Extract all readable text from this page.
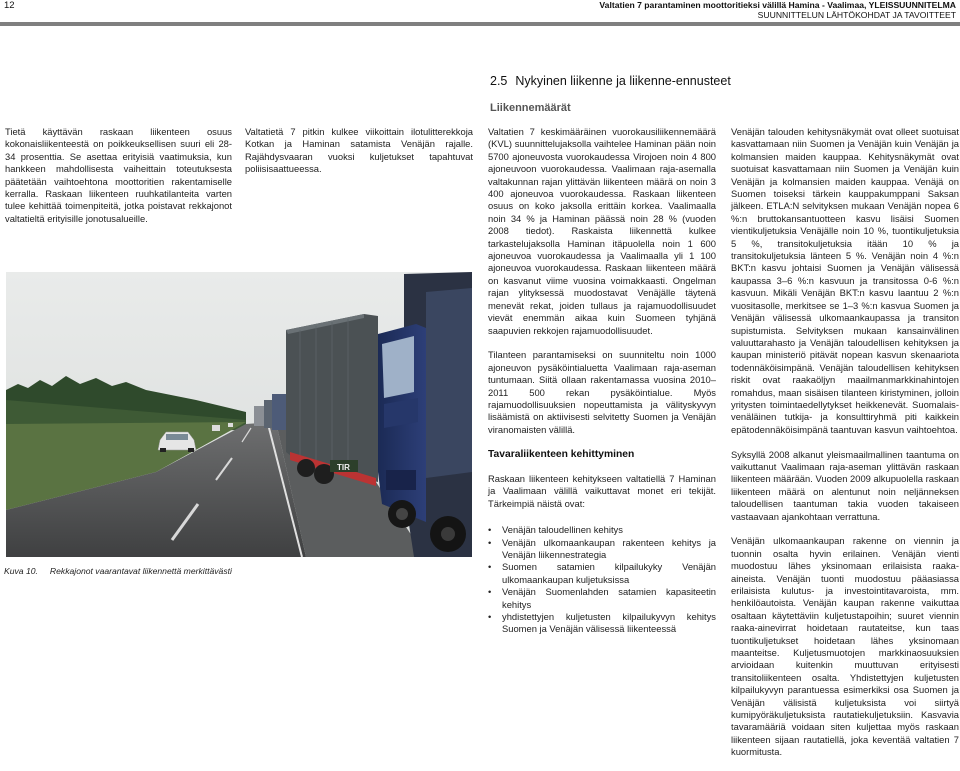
12	Valtatien 7 parantaminen moottoritieksi välillä Hamina - Vaalimaa, YLEISSUUNNITELMA
SUUNNITTELUN LÄHTÖKOHDAT JA TAVOITTEET
2.5 Nykyinen liikenne ja liikenne-ennusteet
Liikennemäärät

Tietä käyttävän raskaan liikenteen osuus kokonaisliikenteestä on poikkeuksellisen suuri eli 28-34 prosenttia. Se asettaa erityisiä vaatimuksia, kun hankkeen mahdollisesta vaiheittain toteutuksesta päätetään vaihtoehtona moottoritien rakentamiselle kerralla. Raskaan liikenteen ruuhkatilanteita varten tulee kehittää toimenpiteitä, jotka poistavat rekkajonot valtatieltä erityisille jonotusalueille.

Valtatietä 7 pitkin kulkee viikoittain ilotulitterekkoja Kotkan ja Haminan satamista Venäjän rajalle. Rajähdysvaaran vuoksi kuljetukset tapahtuvat poliisisaattueessa.

TIR
Kuva 10. Rekkajonot vaarantavat liikennettä merkittävästi

Valtatien 7 keskimääräinen vuorokausiliikennemäärä (KVL) suunnittelujaksolla vaihtelee Haminan pään noin 5700 ajoneuvosta vuorokaudessa Virojoen noin 4 800 ajoneuvoon vuorokaudessa. Vaalimaan raja-asemalla valtakunnan rajan ylittävän liikenteen määrä on noin 3 400 ajoneuvoa vuorokaudessa. Raskaan liikenteen osuus on koko jaksolla erittäin korkea. Vaalimaalla noin 34 % ja Haminan päässä noin 28 % (vuoden 2008 tiedot). Raskaista liikennettä kulkee tarkastelujaksolla Haminan itäpuolella noin 1 600 ajoneuvoa vuorokaudessa ja Vaalimaalla yli 1 100 ajoneuvoa vuorokaudessa. Raskaan liikenteen määrä on kasvanut viime vuosina voimakkaasti. Ongelman rajan ylityksessä muodostavat Venäjälle täytenä menevät rekat, joiden tullaus ja rajamuodollisuudet vievät enemmän aikaa kuin Suomeen tyhjänä saapuvien rekkojen rajamuodollisuudet.

Tilanteen parantamiseksi on suunniteltu noin 1000 ajoneuvon pysäköintialuetta Vaalimaan raja-aseman tuntumaan. Siitä ollaan rakentamassa vuosina 2010–2011 500 rekan pysäköintialue. Myös rajamuodollisuuksien nopeuttamista ja välityskyvyn lisäämistä on aktiivisesti selvitetty Suomen ja Venäjän viranomaisten välillä.

Tavaraliikenteen kehittyminen

Raskaan liikenteen kehitykseen valtatiellä 7 Haminan ja Vaalimaan välillä vaikuttavat monet eri tekijät. Tärkeimpiä näistä ovat:

• Venäjän taloudellinen kehitys
• Venäjän ulkomaankaupan rakenteen kehitys ja Venäjän liikennestrategia
• Suomen satamien kilpailukyky Venäjän ulkomaankaupan kuljetuksissa
• Venäjän Suomenlahden satamien kapasiteetin kehitys
• yhdistettyjen kuljetusten kilpailukyvyn kehitys Suomen ja Venäjän välisessä liikenteessä

Venäjän talouden kehitysnäkymät ovat olleet suotuisat kasvattamaan niin Suomen ja Venäjän kuin Venäjän ja kolmansien maiden kauppaa. Kehitysnäkymät ovat suotuisat kasvattamaan niin Suomen ja Venäjän kuin Venäjän ja kolmansien maiden kauppaa. Venäjä on Suomen toiseksi tärkein kauppakumppani Saksan jälkeen. ETLA:N selvityksen mukaan Venäjän nopea 6 %:n bruttokansantuotteen kasvu lisäisi Suomen vientikuljetuksia Venäjälle noin 10 %, tuontikuljetuksia 5 %, transitokuljetuksia itään 10 % ja transitokuljetuksia länteen 5 %. Venäjän noin 4 %:n BKT:n kasvu johtaisi Suomen ja Venäjän välisessä kaupassa 3–6 %:n kasvuun ja transitossa 0-6 %:n kasvuun. Mikäli Venäjän BKT:n kasvu laantuu 2 %:n vuositasolle, merkitsee se 1–3 %:n kasvua Suomen ja Venäjän välisessä ulkomaankaupassa ja transiton supistumista. Selvityksen mukaan kansainvälinen valuuttarahasto ja Venäjän taloudellisen kehityksen ja kaupan ministeriö pitävät nopean kasvun skenaariota todennäköisimpänä. Venäjän taloudellisen kehityksen riskit ovat raakaöljyn maailmanmarkkinahintojen romahdus, maan sisäisen tilanteen kiristyminen, jolloin yritysten toimintaedellytykset heikkenevät. Suomalais-venäläinen tutkija- ja konsulttiryhmä piti kaikkein epätodennäköisimpänä taantuvan kasvun vaihtoehtoa.

Syksyllä 2008 alkanut yleismaailmallinen taantuma on vaikuttanut Vaalimaan raja-aseman ylittävän raskaan liikenteen määrään. Vuoden 2009 alkupuolella raskaan liikenteen määrä on alentunut noin neljänneksen taloudellisen taantuman takia vuoden takaiseen vastaavaan ajankohtaan verrattuna.

Venäjän ulkomaankaupan rakenne on viennin ja tuonnin osalta hyvin erilainen. Venäjän vienti muodostuu lähes yksinomaan erilaisista raaka-aineista. Venäjän tuonti muodostuu pääasiassa erilaisista kulutus- ja investointitavaroista, mm. henkilöautoista. Venäjän kaupan rakenne vaikuttaa osaltaan käytettäviin kuljetustapoihin; suuret viennin raaka-ainevirrat hoidetaan rautateitse, kun taas tuontikuljetukset hoidetaan lähes yksinomaan maanteitse. Kuljetusmuotojen markkinaosuuksien arvioidaan kuitenkin muuttuvan erityisesti transitoliikenteen osalta. Yhdistettyjen kuljetusten kilpailukyvyn parantuessa esimerkiksi osa Suomen ja Venäjän välisistä kuljetuksista voi siirtyä kumipyöräkuljetuksista rautatiekuljetuksiin. Kasvavia tavaramääriä voidaan siten kuljettaa myös raskaan liikenteen sijaan rautatiellä, joka keventää valtatien 7 kuormitusta.
